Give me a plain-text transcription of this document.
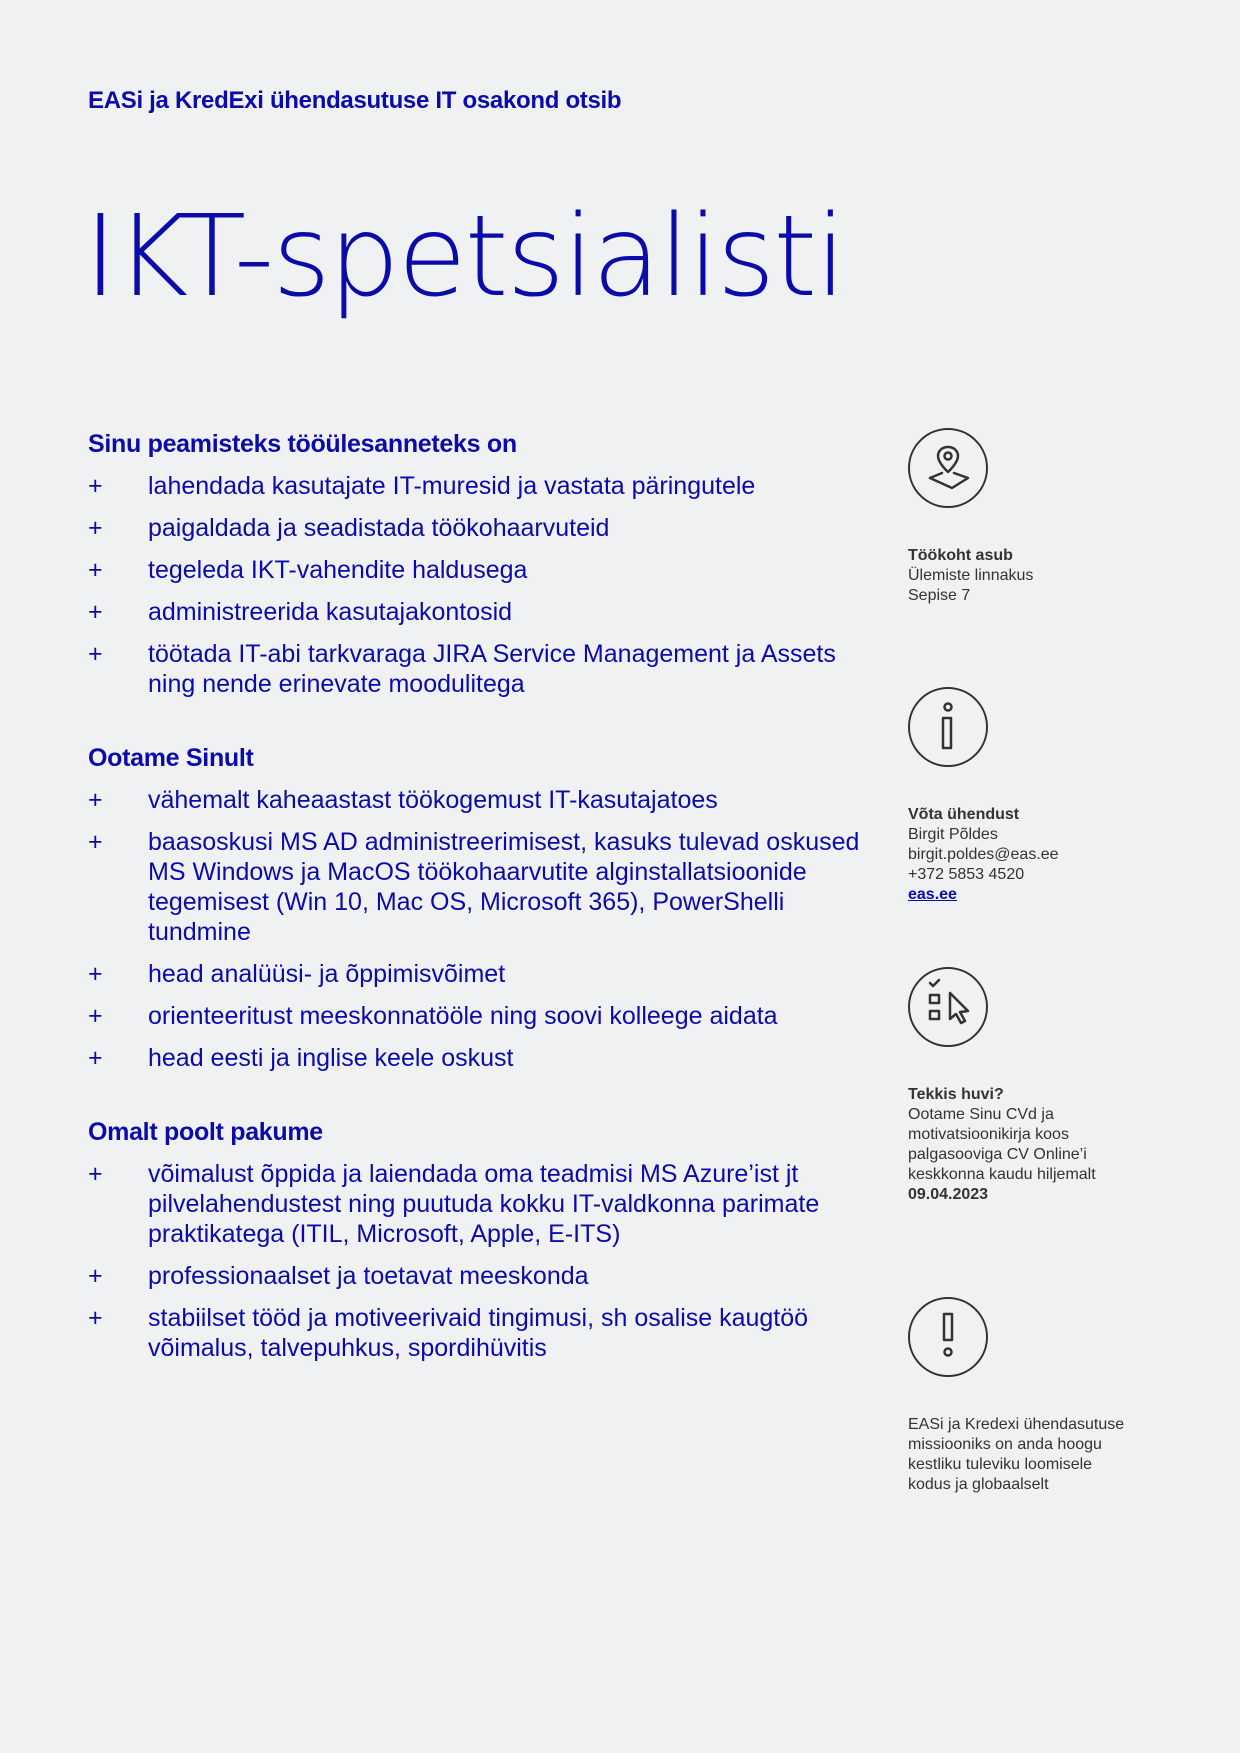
EASi ja KredExi ühendasutuse IT osakond otsib
IKT-spetsialisti
Sinu peamisteks tööülesanneteks on
+	lahendada kasutajate IT-muresid ja vastata päringutele
+	paigaldada ja seadistada töökohaarvuteid
+	tegeleda IKT-vahendite haldusega
+	administreerida kasutajakontosid
+	töötada IT-abi tarkvaraga JIRA Service Management ja Assets ning nende erinevate moodulitega
Ootame Sinult
+	vähemalt kaheaastast töökogemust IT-kasutajatoes
+	baasoskusi MS AD administreerimisest, kasuks tulevad oskused MS Windows ja MacOS töökohaarvutite alginstallatsioonide tegemisest (Win 10, Mac OS, Microsoft 365), PowerShelli tundmine
+	head analüüsi- ja õppimisvõimet
+	orienteeritust meeskonnatööle ning soovi kolleege aidata
+	head eesti ja inglise keele oskust
Omalt poolt pakume
+	võimalust õppida ja laiendada oma teadmisi MS Azure’ist jt pilvelahendustest ning puutuda kokku IT-valdkonna parimate praktikatega (ITIL, Microsoft, Apple, E-ITS)
+	professionaalset ja toetavat meeskonda
+	stabiilset tööd ja motiveerivaid tingimusi, sh osalise kaugtöö võimalus, talvepuhkus, spordihüvitis
Töökoht asub
Ülemiste linnakus
Sepise 7
Võta ühendust
Birgit Põldes
birgit.poldes@eas.ee
+372 5853 4520
eas.ee
Tekkis huvi?
Ootame Sinu CVd ja
motivatsioonikirja koos
palgasooviga CV Online’i
keskkonna kaudu hiljemalt
09.04.2023
EASi ja Kredexi ühendasutuse
missiooniks on anda hoogu
kestliku tuleviku loomisele
kodus ja globaalselt
